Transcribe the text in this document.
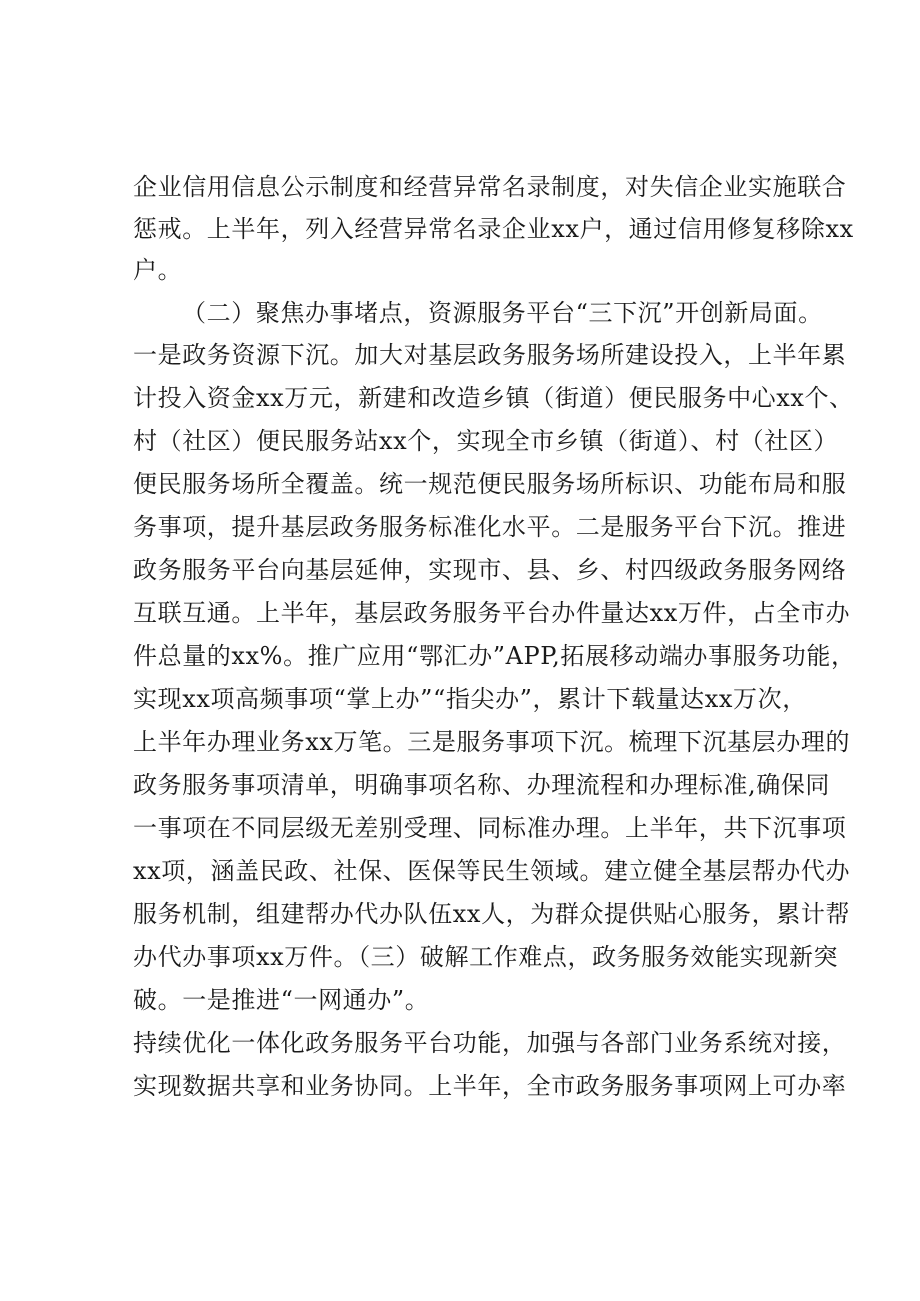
企业信用信息公示制度和经营异常名录制度，对失信企业实施联合
惩戒。上半年，列入经营异常名录企业xx户，通过信用修复移除xx
户。
（二）聚焦办事堵点，资源服务平台“三下沉”开创新局面。
一是政务资源下沉。加大对基层政务服务场所建设投入，上半年累
计投入资金xx万元，新建和改造乡镇（街道）便民服务中心xx个、
村（社区）便民服务站xx个，实现全市乡镇（街道）、村（社区）
便民服务场所全覆盖。统一规范便民服务场所标识、功能布局和服
务事项，提升基层政务服务标准化水平。二是服务平台下沉。推进
政务服务平台向基层延伸，实现市、县、乡、村四级政务服务网络
互联互通。上半年，基层政务服务平台办件量达xx万件，占全市办
件总量的xx%。推广应用“鄂汇办”APP,拓展移动端办事服务功能，
实现xx项高频事项“掌上办”“指尖办”，累计下载量达xx万次，
上半年办理业务xx万笔。三是服务事项下沉。梳理下沉基层办理的
政务服务事项清单，明确事项名称、办理流程和办理标准,确保同
一事项在不同层级无差别受理、同标准办理。上半年，共下沉事项
xx项，涵盖民政、社保、医保等民生领域。建立健全基层帮办代办
服务机制，组建帮办代办队伍xx人，为群众提供贴心服务，累计帮
办代办事项xx万件。（三）破解工作难点，政务服务效能实现新突
破。一是推进“一网通办”。
持续优化一体化政务服务平台功能，加强与各部门业务系统对接，
实现数据共享和业务协同。上半年，全市政务服务事项网上可办率
